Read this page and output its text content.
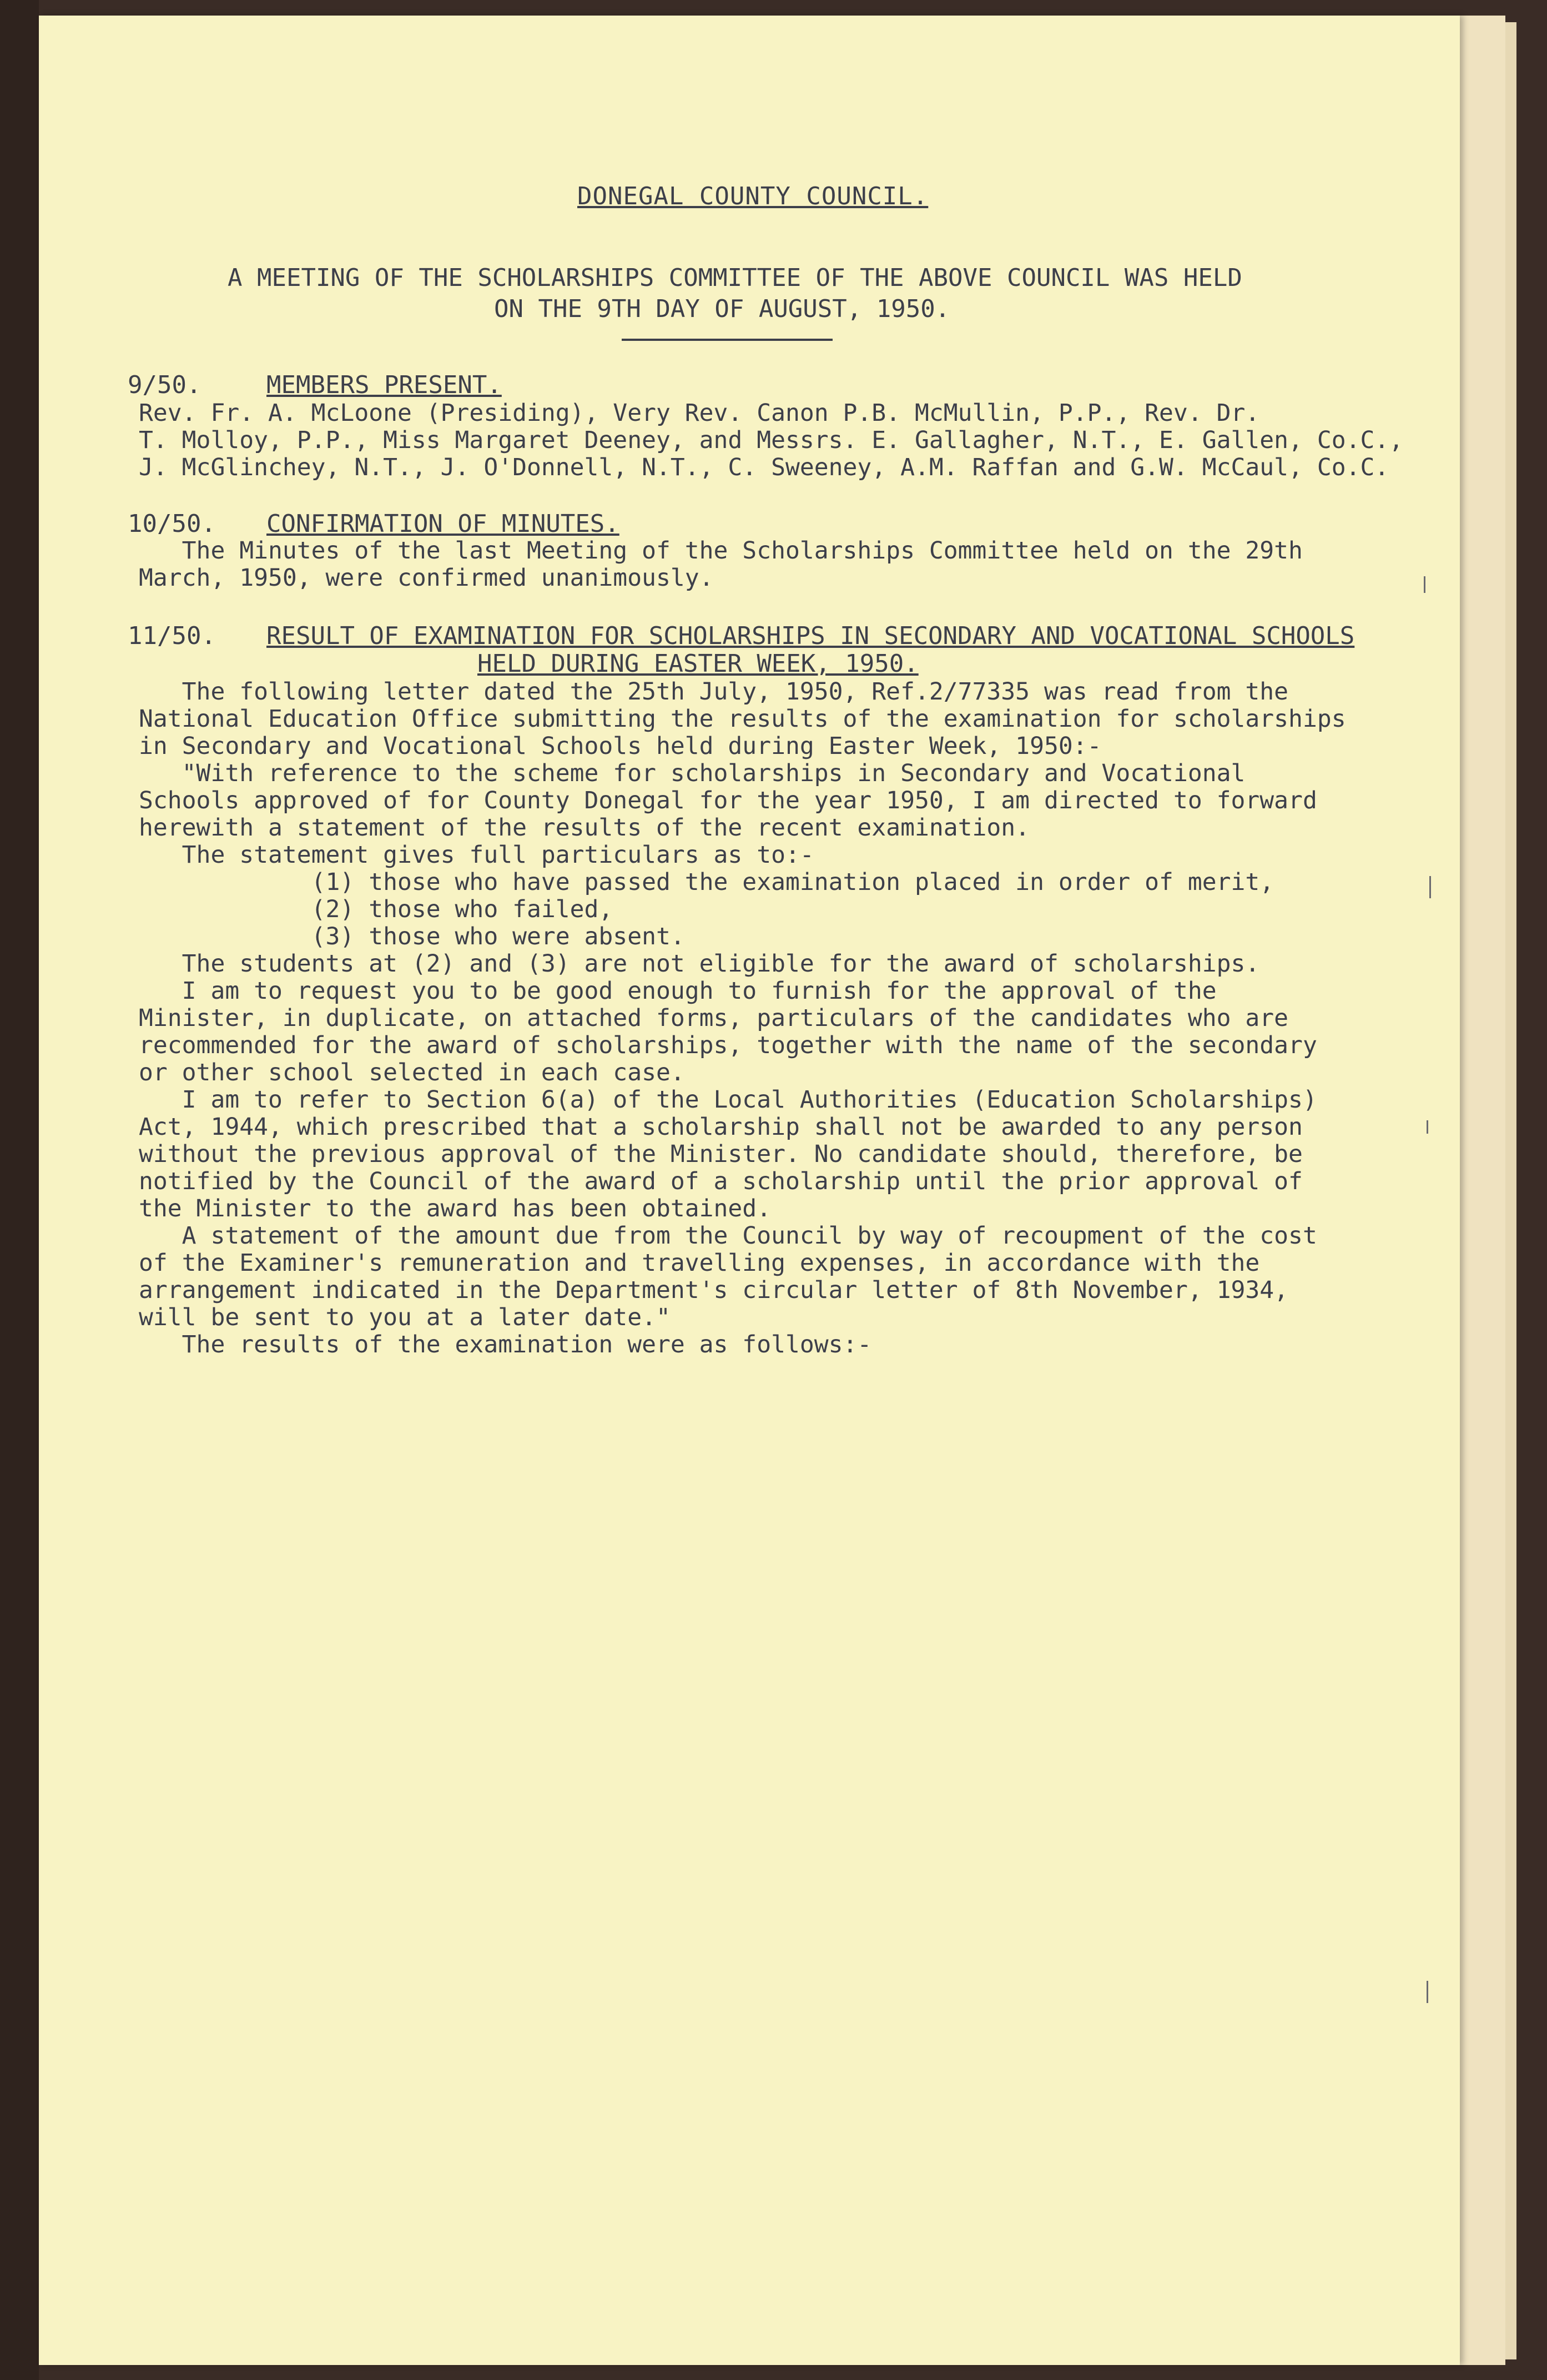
DONEGAL COUNTY COUNCIL.
A MEETING OF THE SCHOLARSHIPS COMMITTEE OF THE ABOVE COUNCIL WAS HELD
ON THE 9TH DAY OF AUGUST, 1950.
9/50.	MEMBERS PRESENT.
Rev. Fr. A. McLoone (Presiding), Very Rev. Canon P.B. McMullin, P.P., Rev. Dr.
T. Molloy, P.P., Miss Margaret Deeney, and Messrs. E. Gallagher, N.T., E. Gallen, Co.C.,
J. McGlinchey, N.T., J. O'Donnell, N.T., C. Sweeney, A.M. Raffan and G.W. McCaul, Co.C.
10/50. CONFIRMATION OF MINUTES.
The Minutes of the last Meeting of the Scholarships Committee held on the 29th
March, 1950, were confirmed unanimously.
11/50. RESULT OF EXAMINATION FOR SCHOLARSHIPS IN SECONDARY AND VOCATIONAL SCHOOLS
HELD DURING EASTER WEEK, 1950.
The following letter dated the 25th July, 1950, Ref.2/77335 was read from the
National Education Office submitting the results of the examination for scholarships
in Secondary and Vocational Schools held during Easter Week, 1950:-
"With reference to the scheme for scholarships in Secondary and Vocational
Schools approved of for County Donegal for the year 1950, I am directed to forward
herewith a statement of the results of the recent examination.
The statement gives full particulars as to:-
(1) those who have passed the examination placed in order of merit,
(2) those who failed,
(3) those who were absent.
The students at (2) and (3) are not eligible for the award of scholarships.
I am to request you to be good enough to furnish for the approval of the
Minister, in duplicate, on attached forms, particulars of the candidates who are
recommended for the award of scholarships, together with the name of the secondary
or other school selected in each case.
I am to refer to Section 6(a) of the Local Authorities (Education Scholarships)
Act, 1944, which prescribed that a scholarship shall not be awarded to any person
without the previous approval of the Minister. No candidate should, therefore, be
notified by the Council of the award of a scholarship until the prior approval of
the Minister to the award has been obtained.
A statement of the amount due from the Council by way of recoupment of the cost
of the Examiner's remuneration and travelling expenses, in accordance with the
arrangement indicated in the Department's circular letter of 8th November, 1934,
will be sent to you at a later date."
The results of the examination were as follows:-
